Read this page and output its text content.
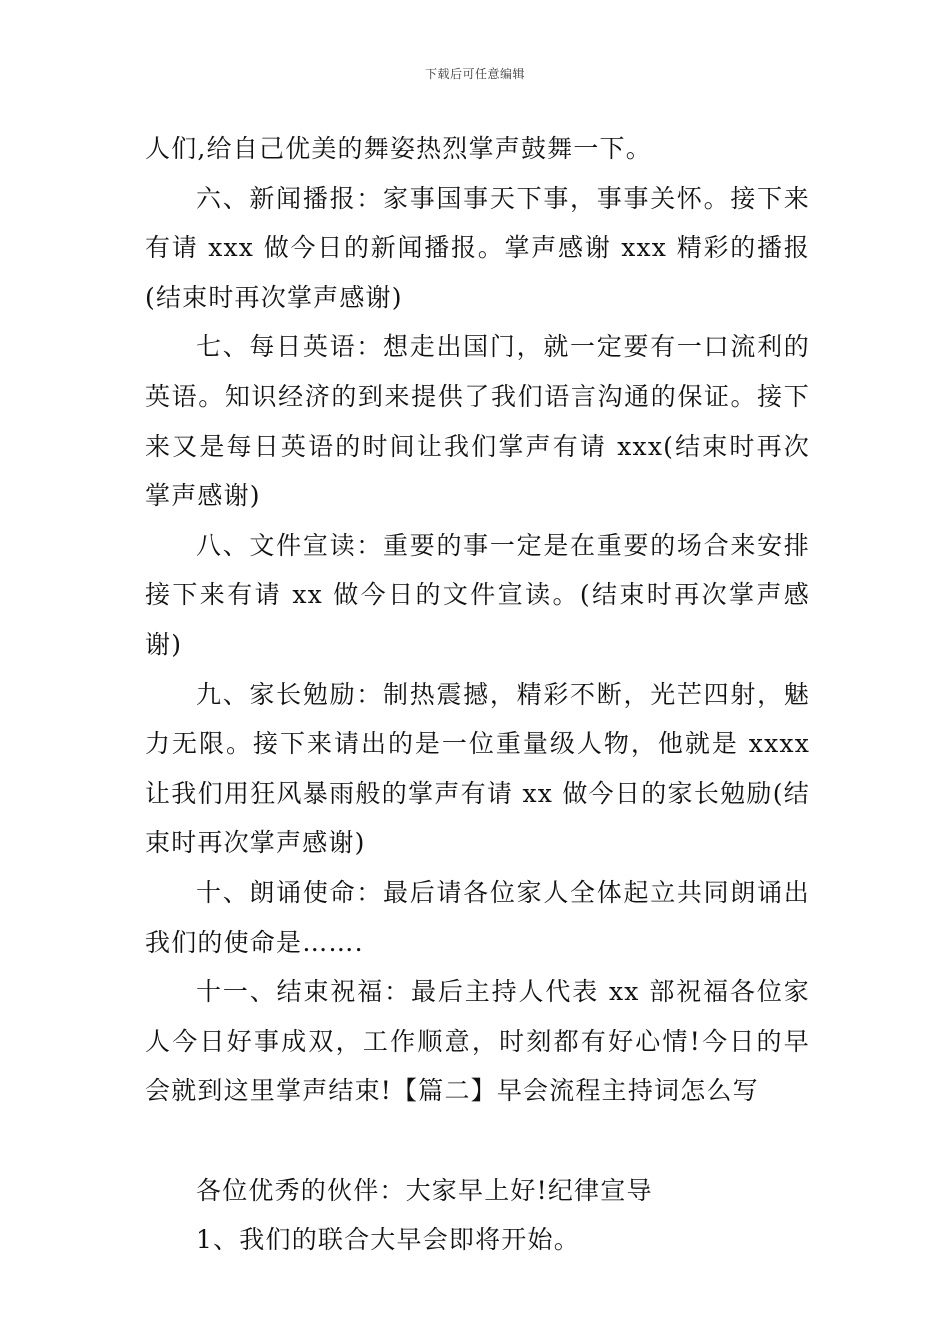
下载后可任意编辑

人们,给自己优美的舞姿热烈掌声鼓舞一下。

六、新闻播报：家事国事天下事，事事关怀。接下来有请 xxx 做今日的新闻播报。掌声感谢 xxx 精彩的播报(结束时再次掌声感谢)

七、每日英语：想走出国门，就一定要有一口流利的英语。知识经济的到来提供了我们语言沟通的保证。接下来又是每日英语的时间让我们掌声有请 xxx(结束时再次掌声感谢)

八、文件宣读：重要的事一定是在重要的场合来安排接下来有请 xx 做今日的文件宣读。(结束时再次掌声感谢)

九、家长勉励：制热震撼，精彩不断，光芒四射，魅力无限。接下来请出的是一位重量级人物，他就是 xxxx 让我们用狂风暴雨般的掌声有请 xx 做今日的家长勉励(结束时再次掌声感谢)

十、朗诵使命：最后请各位家人全体起立共同朗诵出我们的使命是…….﻿

十一、结束祝福：最后主持人代表 xx 部祝福各位家人今日好事成双，工作顺意，时刻都有好心情!今日的早会就到这里掌声结束!【篇二】早会流程主持词怎么写

各位优秀的伙伴：大家早上好!纪律宣导

1、我们的联合大早会即将开始。
